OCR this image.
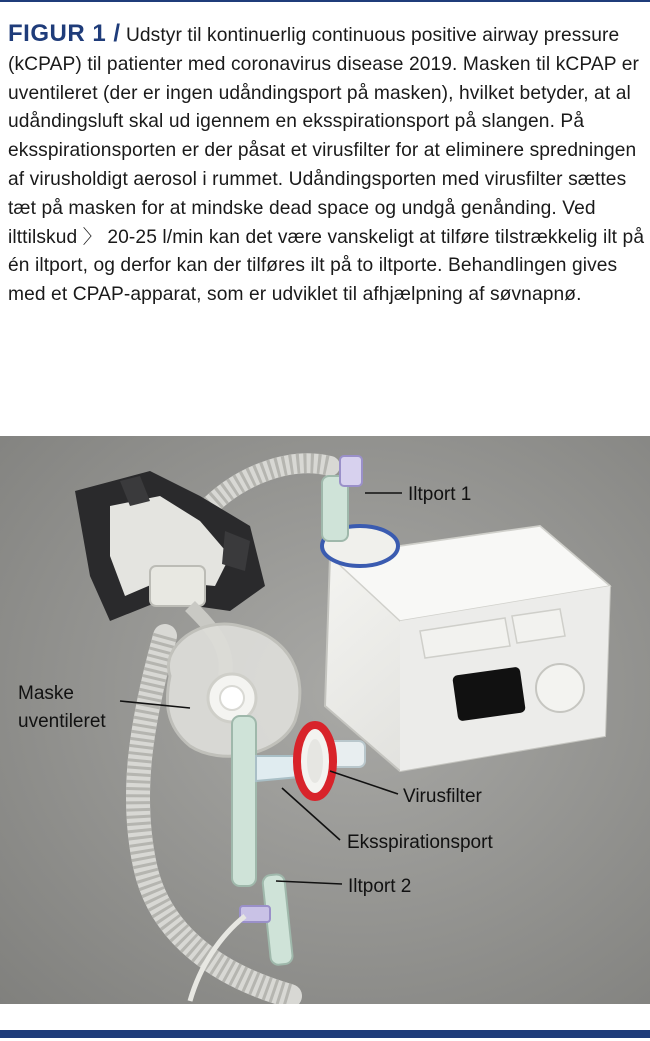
FIGUR 1 / Udstyr til kontinuerlig continuous positive airway pressure (kCPAP) til patienter med coronavirus disease 2019. Masken til kCPAP er uventileret (der er ingen udåndingsport på masken), hvilket betyder, at al udåndingsluft skal ud igennem en eksspirationsport på slangen. På eksspirationsporten er der påsat et virusfilter for at eliminere spredningen af virusholdigt aerosol i rummet. Udåndingsporten med virusfilter sættes tæt på masken for at mindske dead space og undgå genånding. Ved ilttilskud 〉 20-25 l/min kan det være vanskeligt at tilføre tilstrækkelig ilt på én iltport, og derfor kan der tilføres ilt på to iltporte. Behandlingen gives med et CPAP-apparat, som er udviklet til afhjælpning af søvnapnø.
Iltport 1
Maske
uventileret
Virusfilter
Eksspirationsport
Iltport 2
